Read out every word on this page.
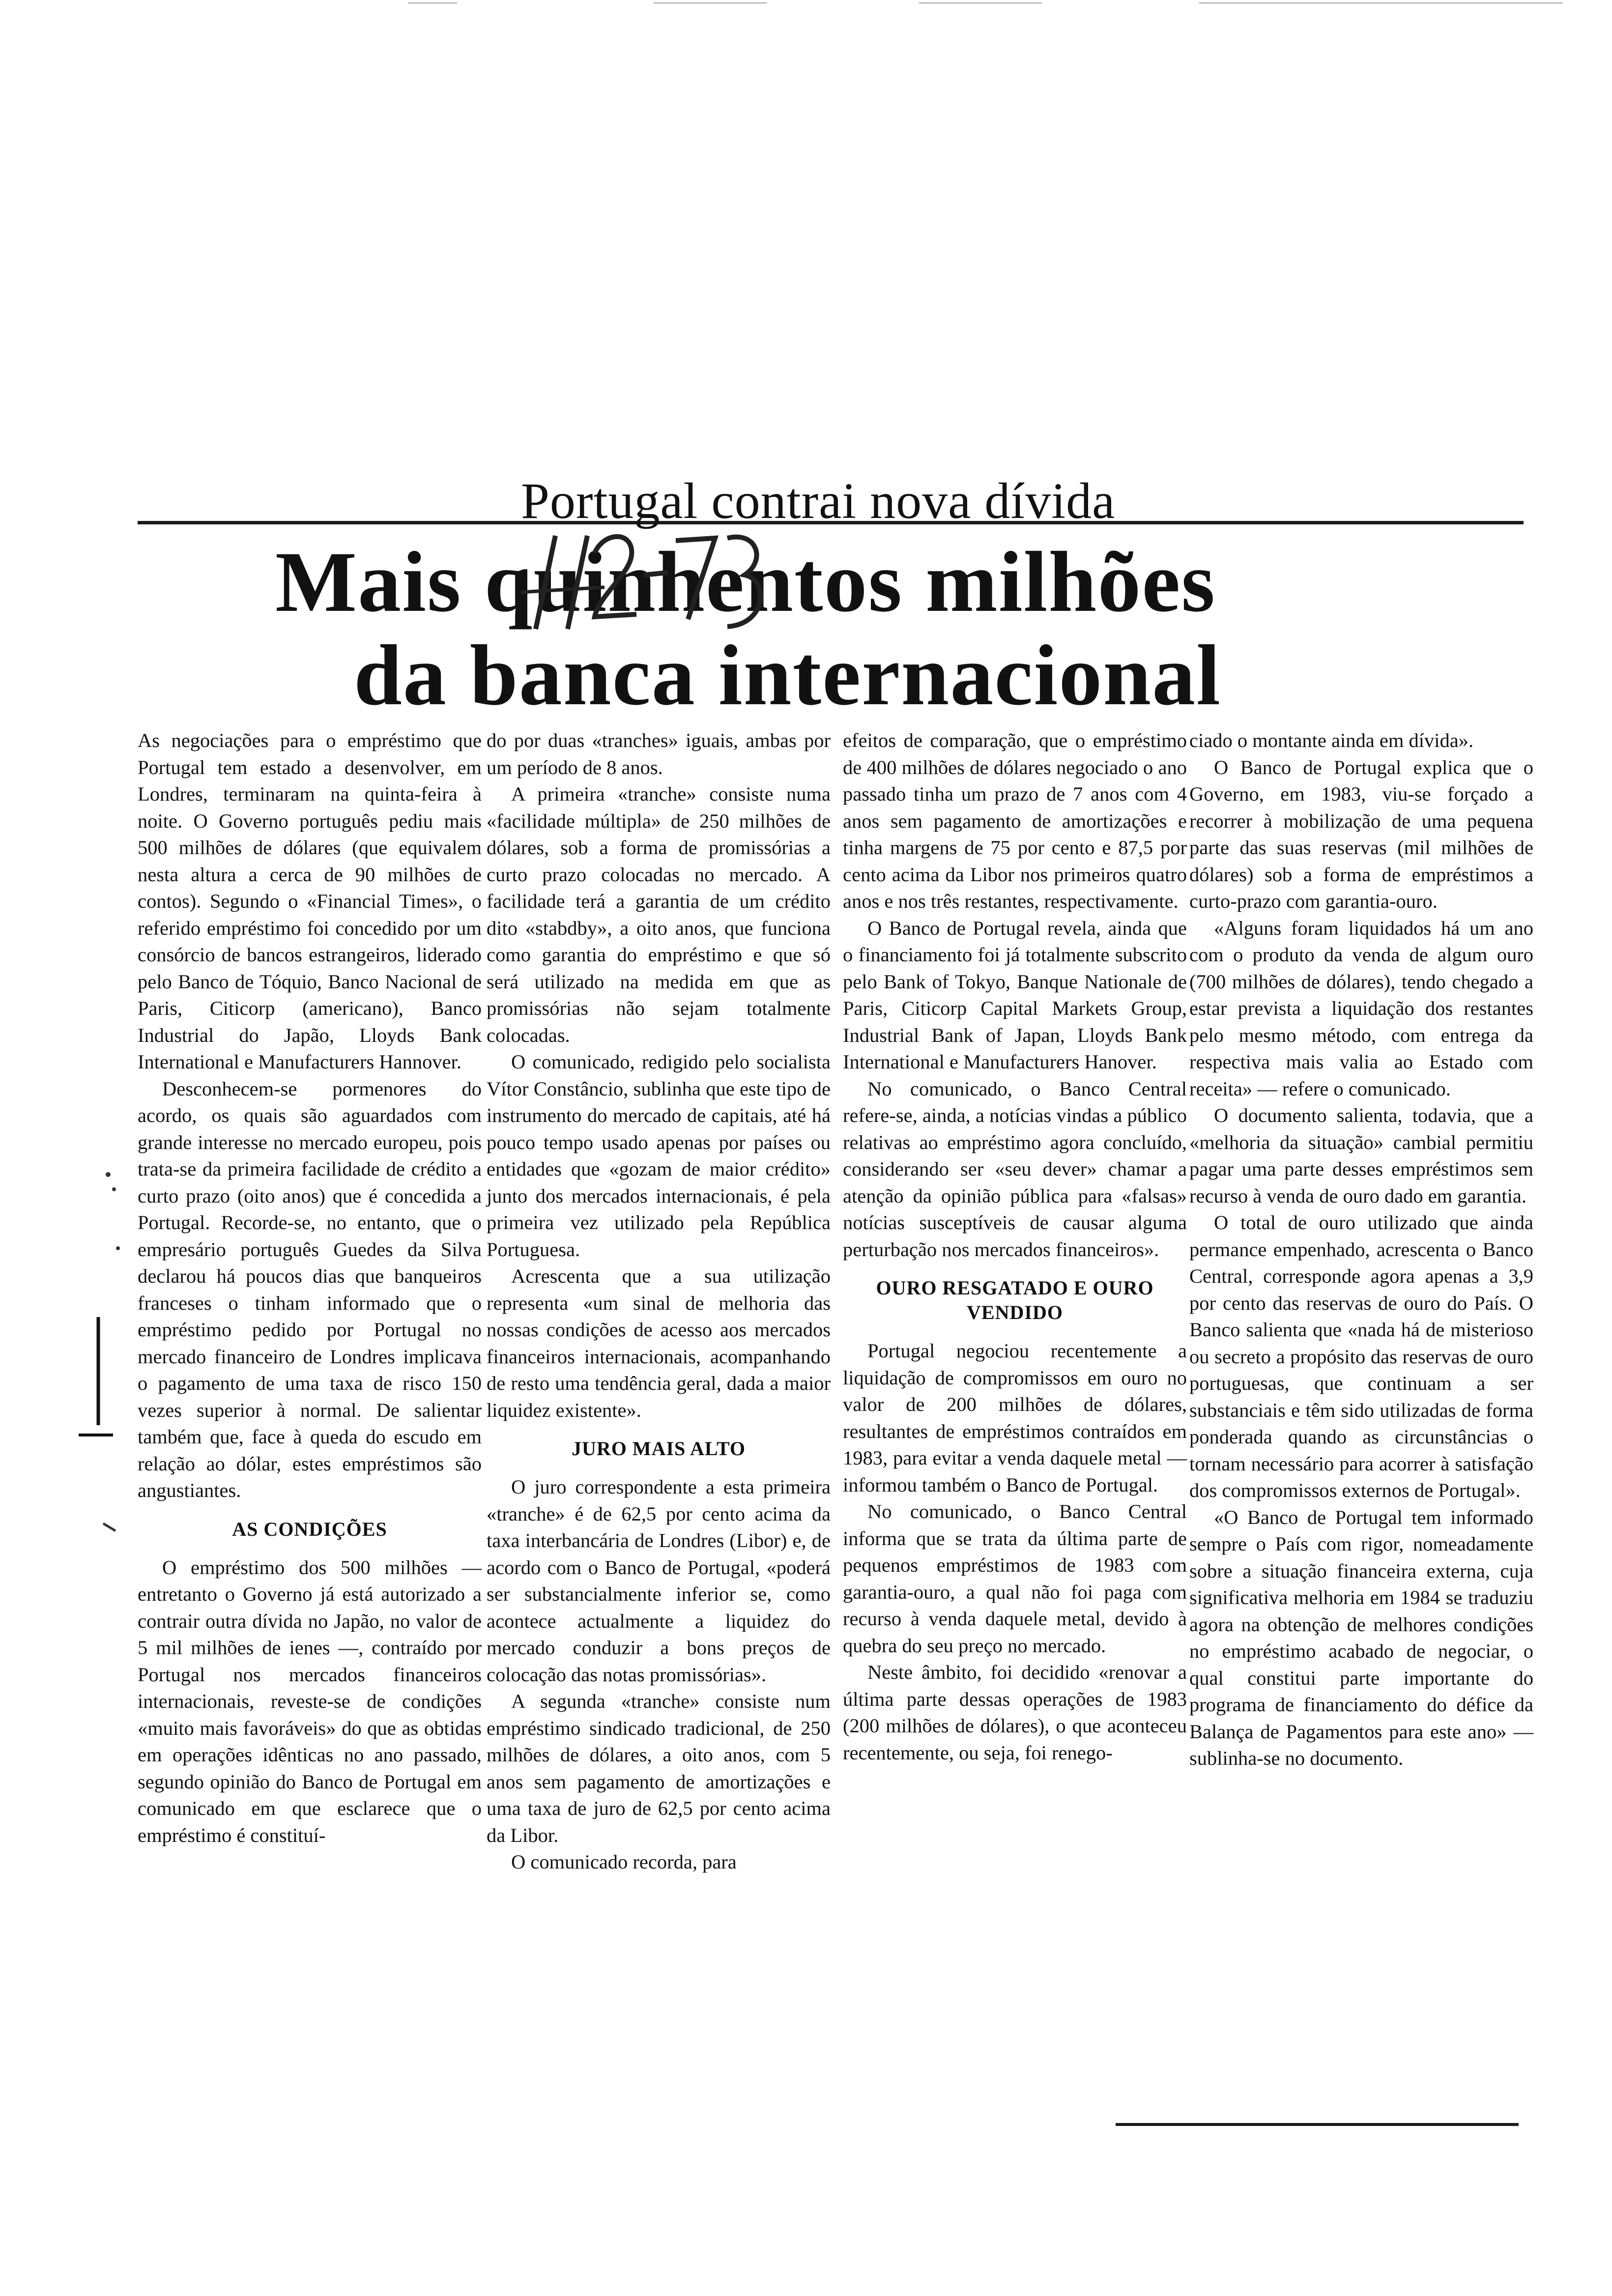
Portugal contrai nova dívida
Mais quinhentos milhões
da banca internacional

As negociações para o empréstimo que Portugal tem estado a desenvolver, em Londres, terminaram na quinta-feira à noite. O Governo português pediu mais 500 milhões de dólares (que equivalem nesta altura a cerca de 90 milhões de contos). Segundo o «Financial Times», o referido empréstimo foi concedido por um consórcio de bancos estrangeiros, liderado pelo Banco de Tóquio, Banco Nacional de Paris, Citicorp (americano), Banco Industrial do Japão, Lloyds Bank International e Manufacturers Hannover.

Desconhecem-se pormenores do acordo, os quais são aguardados com grande interesse no mercado europeu, pois trata-se da primeira facilidade de crédito a curto prazo (oito anos) que é concedida a Portugal. Recorde-se, no entanto, que o empresário português Guedes da Silva declarou há poucos dias que banqueiros franceses o tinham informado que o empréstimo pedido por Portugal no mercado financeiro de Londres implicava o pagamento de uma taxa de risco 150 vezes superior à normal. De salientar também que, face à queda do escudo em relação ao dólar, estes empréstimos são angustiantes.

AS CONDIÇÕES

O empréstimo dos 500 milhões — entretanto o Governo já está autorizado a contrair outra dívida no Japão, no valor de 5 mil milhões de ienes —, contraído por Portugal nos mercados financeiros internacionais, reveste-se de condições «muito mais favoráveis» do que as obtidas em operações idênticas no ano passado, segundo opinião do Banco de Portugal em comunicado em que esclarece que o empréstimo é constituí-

do por duas «tranches» iguais, ambas por um período de 8 anos.

A primeira «tranche» consiste numa «facilidade múltipla» de 250 milhões de dólares, sob a forma de promissórias a curto prazo colocadas no mercado. A facilidade terá a garantia de um crédito dito «stabdby», a oito anos, que funciona como garantia do empréstimo e que só será utilizado na medida em que as promissórias não sejam totalmente colocadas.

O comunicado, redigido pelo socialista Vítor Constâncio, sublinha que este tipo de instrumento do mercado de capitais, até há pouco tempo usado apenas por países ou entidades que «gozam de maior crédito» junto dos mercados internacionais, é pela primeira vez utilizado pela República Portuguesa.

Acrescenta que a sua utilização representa «um sinal de melhoria das nossas condições de acesso aos mercados financeiros internacionais, acompanhando de resto uma tendência geral, dada a maior liquidez existente».

JURO MAIS ALTO

O juro correspondente a esta primeira «tranche» é de 62,5 por cento acima da taxa interbancária de Londres (Libor) e, de acordo com o Banco de Portugal, «poderá ser substancialmente inferior se, como acontece actualmente a liquidez do mercado conduzir a bons preços de colocação das notas promissórias».

A segunda «tranche» consiste num empréstimo sindicado tradicional, de 250 milhões de dólares, a oito anos, com 5 anos sem pagamento de amortizações e uma taxa de juro de 62,5 por cento acima da Libor.

O comunicado recorda, para

efeitos de comparação, que o empréstimo de 400 milhões de dólares negociado o ano passado tinha um prazo de 7 anos com 4 anos sem pagamento de amortizações e tinha margens de 75 por cento e 87,5 por cento acima da Libor nos primeiros quatro anos e nos três restantes, respectivamente.

O Banco de Portugal revela, ainda que o financiamento foi já totalmente subscrito pelo Bank of Tokyo, Banque Nationale de Paris, Citicorp Capital Markets Group, Industrial Bank of Japan, Lloyds Bank International e Manufacturers Hanover.

No comunicado, o Banco Central refere-se, ainda, a notícias vindas a público relativas ao empréstimo agora concluído, considerando ser «seu dever» chamar a atenção da opinião pública para «falsas» notícias susceptíveis de causar alguma perturbação nos mercados financeiros».

OURO RESGATADO E OURO VENDIDO

Portugal negociou recentemente a liquidação de compromissos em ouro no valor de 200 milhões de dólares, resultantes de empréstimos contraídos em 1983, para evitar a venda daquele metal — informou também o Banco de Portugal.

No comunicado, o Banco Central informa que se trata da última parte de pequenos empréstimos de 1983 com garantia-ouro, a qual não foi paga com recurso à venda daquele metal, devido à quebra do seu preço no mercado.

Neste âmbito, foi decidido «renovar a última parte dessas operações de 1983 (200 milhões de dólares), o que aconteceu recentemente, ou seja, foi renego-

ciado o montante ainda em dívida».

O Banco de Portugal explica que o Governo, em 1983, viu-se forçado a recorrer à mobilização de uma pequena parte das suas reservas (mil milhões de dólares) sob a forma de empréstimos a curto-prazo com garantia-ouro.

«Alguns foram liquidados há um ano com o produto da venda de algum ouro (700 milhões de dólares), tendo chegado a estar prevista a liquidação dos restantes pelo mesmo método, com entrega da respectiva mais valia ao Estado com receita» — refere o comunicado.

O documento salienta, todavia, que a «melhoria da situação» cambial permitiu pagar uma parte desses empréstimos sem recurso à venda de ouro dado em garantia.

O total de ouro utilizado que ainda permance empenhado, acrescenta o Banco Central, corresponde agora apenas a 3,9 por cento das reservas de ouro do País. O Banco salienta que «nada há de misterioso ou secreto a propósito das reservas de ouro portuguesas, que continuam a ser substanciais e têm sido utilizadas de forma ponderada quando as circunstâncias o tornam necessário para acorrer à satisfação dos compromissos externos de Portugal».

«O Banco de Portugal tem informado sempre o País com rigor, nomeadamente sobre a situação financeira externa, cuja significativa melhoria em 1984 se traduziu agora na obtenção de melhores condições no empréstimo acabado de negociar, o qual constitui parte importante do programa de financiamento do défice da Balança de Pagamentos para este ano» — sublinha-se no documento.
